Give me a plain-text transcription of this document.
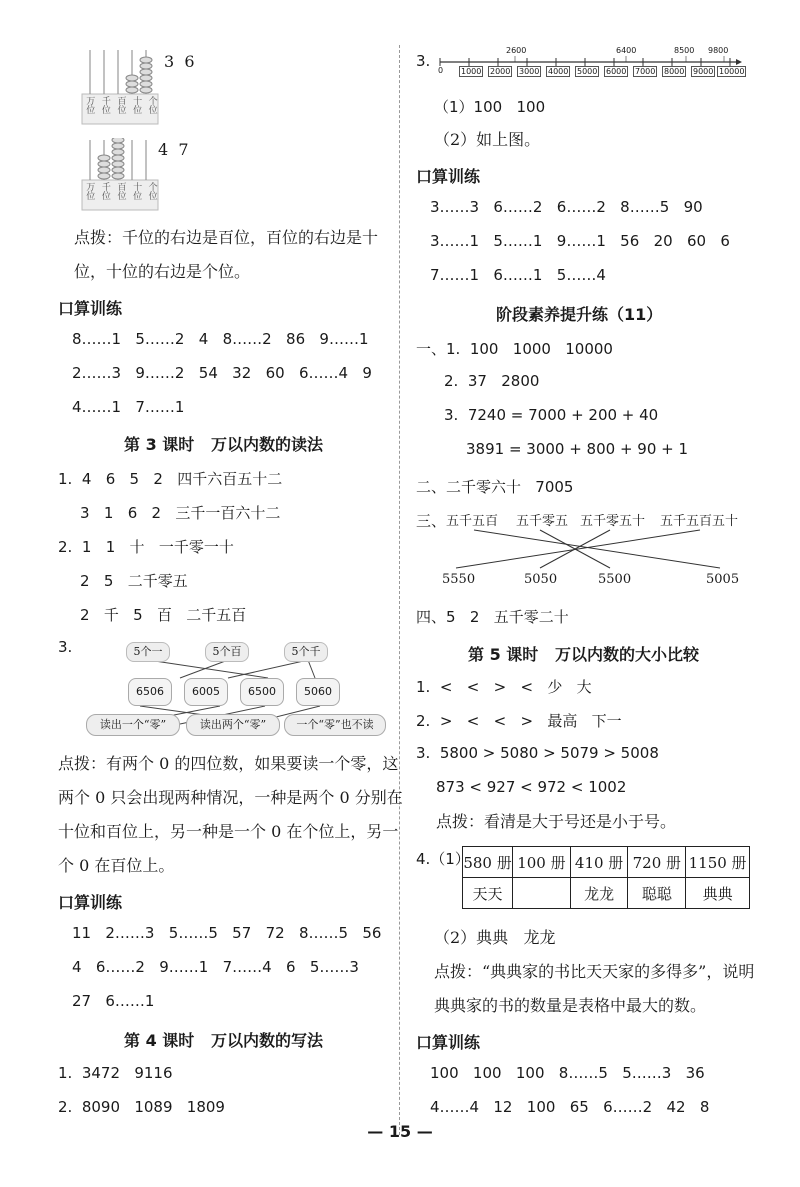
万位 千位 百位 十位 个位
3  6
万位 千位 百位 十位 个位
4  7
点拨：千位的右边是百位，百位的右边是十
位，十位的右边是个位。
口算训练
8……1   5……2   4   8……2   86   9……1
2……3   9……2   54   32   60   6……4   9
4……1   7……1
第 3 课时   万以内数的读法
1.  4   6   5   2   四千六百五十二
3   1   6   2   三千一百六十二
2.  1   1   十   一千零一十
2   5   二千零五
2   千   5   百   二千五百
3.	5个一	5个百	5个千
6506	6005	6500	5060
读出一个“零”	读出两个“零”	一个“零”也不读
点拨：有两个 0 的四位数，如果要读一个零，这
两个 0 只会出现两种情况，一种是两个 0 分别在
十位和百位上，另一种是一个 0 在个位上，另一
个 0 在百位上。
口算训练
11   2……3   5……5   57   72   8……5   56
4   6……2   9……1   7……4   6   5……3
27   6……1
第 4 课时   万以内数的写法
1.  3472   9116
2.  8090   1089   1809
3.
2600	6400	8500 9800
0 1000 2000 3000 4000 5000 6000 7000 8000 9000 10000
（1）100   100
（2）如上图。
口算训练
3……3   6……2   6……2   8……5   90
3……1   5……1   9……1   56   20   60   6
7……1   6……1   5……4
阶段素养提升练（11）
一、1.  100   1000   10000
2.  37   2800
3.  7240 = 7000 + 200 + 40
3891 = 3000 + 800 + 90 + 1
二、二千零六十   7005
三、 五千五百 五千零五 五千零五十 五千五百五十
5550	5050	5500	5005
四、5   2   五千零二十
第 5 课时   万以内数的大小比较
1.  <   <   >   <   少   大
2.  >   <   <   >   最高   下一
3.  5800 > 5080 > 5079 > 5008
873 < 927 < 972 < 1002
点拨：看清是大于号还是小于号。
4.（1）
580 册	100 册	410 册	720 册	1150 册
天天		龙龙	聪聪	典典
（2）典典   龙龙
点拨：“典典家的书比天天家的多得多”，说明
典典家的书的数量是表格中最大的数。
口算训练
100   100   100   8……5   5……3   36
4……4   12   100   65   6……2   42   8
— 15 —
